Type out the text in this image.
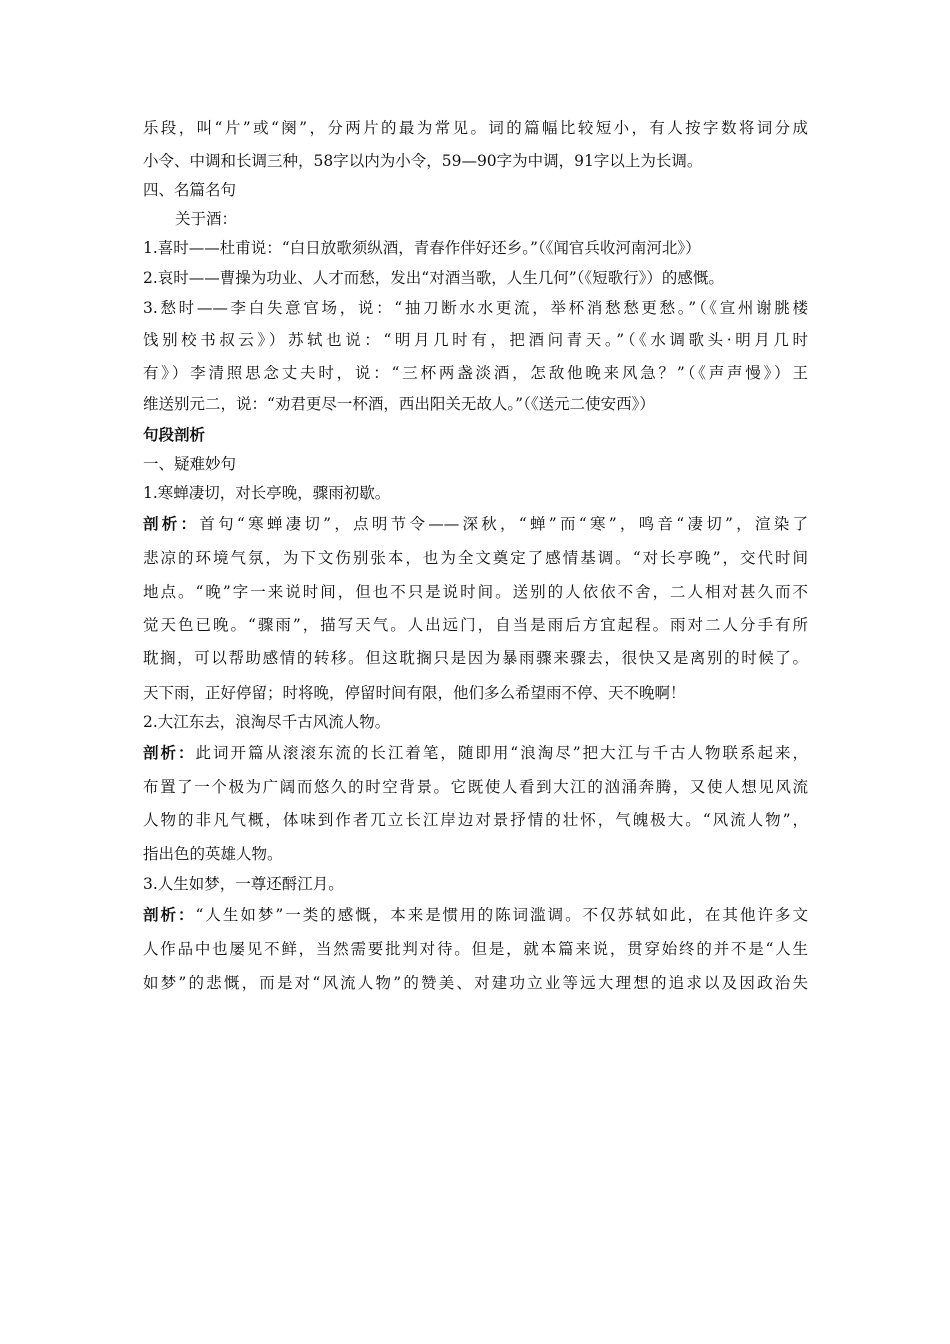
乐段，叫“片”或“阕”，分两片的最为常见。词的篇幅比较短小，有人按字数将词分成
小令、中调和长调三种，58字以内为小令，59—90字为中调，91字以上为长调。
四、名篇名句
关于酒：
1.喜时——杜甫说：“白日放歌须纵酒，青春作伴好还乡。”（《闻官兵收河南河北》）
2.哀时——曹操为功业、人才而愁，发出“对酒当歌，人生几何”（《短歌行》）的感慨。
3.愁时——李白失意官场，说：“抽刀断水水更流，举杯消愁愁更愁。”（《宣州谢朓楼
饯别校书叔云》）苏轼也说：“明月几时有，把酒问青天。”（《水调歌头·明月几时
有》）李清照思念丈夫时，说：“三杯两盏淡酒，怎敌他晚来风急？”（《声声慢》）王
维送别元二，说：“劝君更尽一杯酒，西出阳关无故人。”（《送元二使安西》）
句段剖析
一、疑难妙句
1.寒蝉凄切，对长亭晚，骤雨初歇。
剖析：首句“寒蝉凄切”，点明节令——深秋，“蝉”而“寒”，鸣音“凄切”，渲染了
悲凉的环境气氛，为下文伤别张本，也为全文奠定了感情基调。“对长亭晚”，交代时间
地点。“晚”字一来说时间，但也不只是说时间。送别的人依依不舍，二人相对甚久而不
觉天色已晚。“骤雨”，描写天气。人出远门，自当是雨后方宜起程。雨对二人分手有所
耽搁，可以帮助感情的转移。但这耽搁只是因为暴雨骤来骤去，很快又是离别的时候了。
天下雨，正好停留；时将晚，停留时间有限，他们多么希望雨不停、天不晚啊！
2.大江东去，浪淘尽千古风流人物。
剖析：此词开篇从滚滚东流的长江着笔，随即用“浪淘尽”把大江与千古人物联系起来，
布置了一个极为广阔而悠久的时空背景。它既使人看到大江的汹涌奔腾，又使人想见风流
人物的非凡气概，体味到作者兀立长江岸边对景抒情的壮怀，气魄极大。“风流人物”，
指出色的英雄人物。
3.人生如梦，一尊还酹江月。
剖析：“人生如梦”一类的感慨，本来是惯用的陈词滥调。不仅苏轼如此，在其他许多文
人作品中也屡见不鲜，当然需要批判对待。但是，就本篇来说，贯穿始终的并不是“人生
如梦”的悲慨，而是对“风流人物”的赞美、对建功立业等远大理想的追求以及因政治失
